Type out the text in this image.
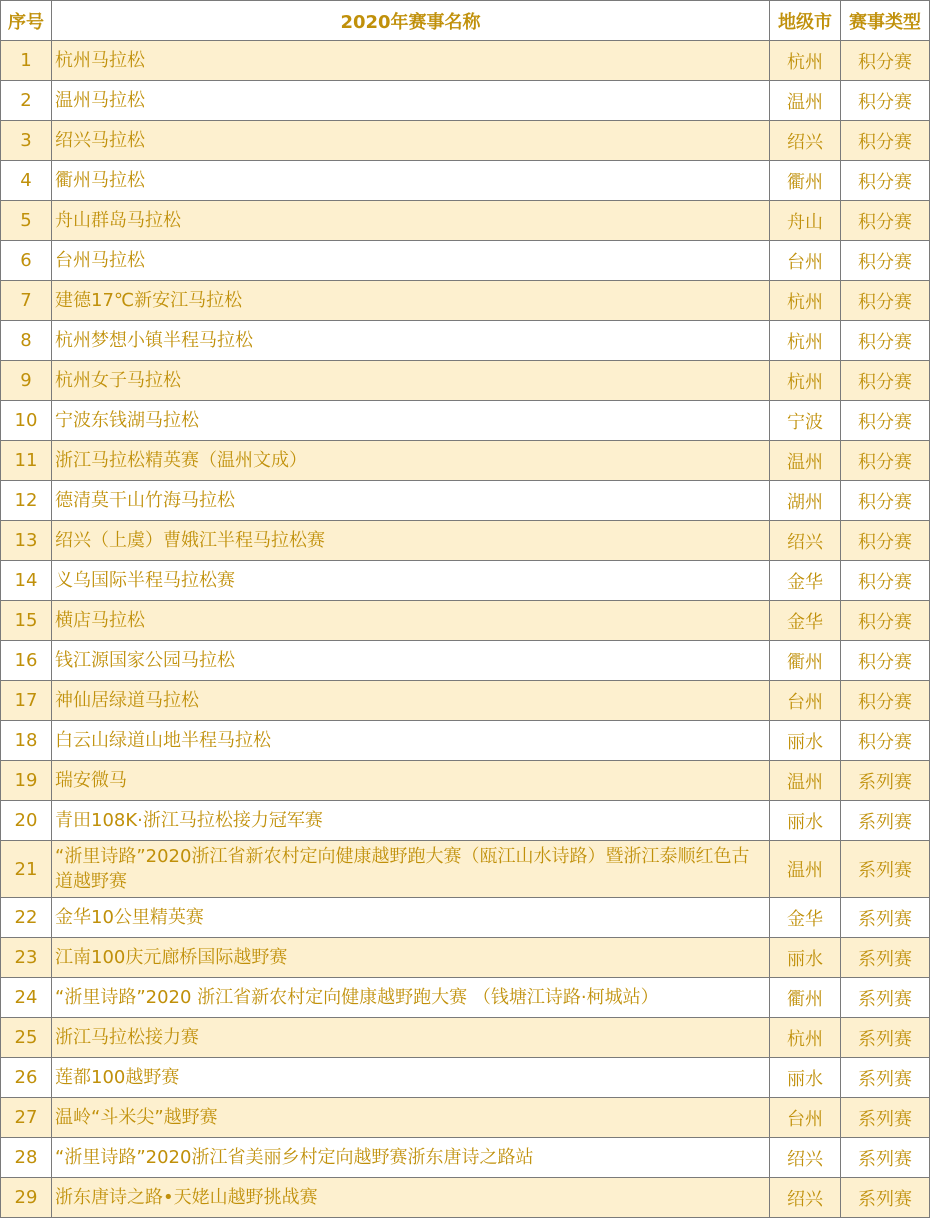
序号	2020年赛事名称	地级市	赛事类型
1	杭州马拉松	杭州	积分赛
2	温州马拉松	温州	积分赛
3	绍兴马拉松	绍兴	积分赛
4	衢州马拉松	衢州	积分赛
5	舟山群岛马拉松	舟山	积分赛
6	台州马拉松	台州	积分赛
7	建德17℃新安江马拉松	杭州	积分赛
8	杭州梦想小镇半程马拉松	杭州	积分赛
9	杭州女子马拉松	杭州	积分赛
10	宁波东钱湖马拉松	宁波	积分赛
11	浙江马拉松精英赛（温州文成）	温州	积分赛
12	德清莫干山竹海马拉松	湖州	积分赛
13	绍兴（上虞）曹娥江半程马拉松赛	绍兴	积分赛
14	义乌国际半程马拉松赛	金华	积分赛
15	横店马拉松	金华	积分赛
16	钱江源国家公园马拉松	衢州	积分赛
17	神仙居绿道马拉松	台州	积分赛
18	白云山绿道山地半程马拉松	丽水	积分赛
19	瑞安微马	温州	系列赛
20	青田108K·浙江马拉松接力冠军赛	丽水	系列赛
21	“浙里诗路”2020浙江省新农村定向健康越野跑大赛（瓯江山水诗路）暨浙江泰顺红色古道越野赛	温州	系列赛
22	金华10公里精英赛	金华	系列赛
23	江南100庆元廊桥国际越野赛	丽水	系列赛
24	“浙里诗路”2020 浙江省新农村定向健康越野跑大赛 （钱塘江诗路·柯城站）	衢州	系列赛
25	浙江马拉松接力赛	杭州	系列赛
26	莲都100越野赛	丽水	系列赛
27	温岭“斗米尖”越野赛	台州	系列赛
28	“浙里诗路”2020浙江省美丽乡村定向越野赛浙东唐诗之路站	绍兴	系列赛
29	浙东唐诗之路•天姥山越野挑战赛	绍兴	系列赛
